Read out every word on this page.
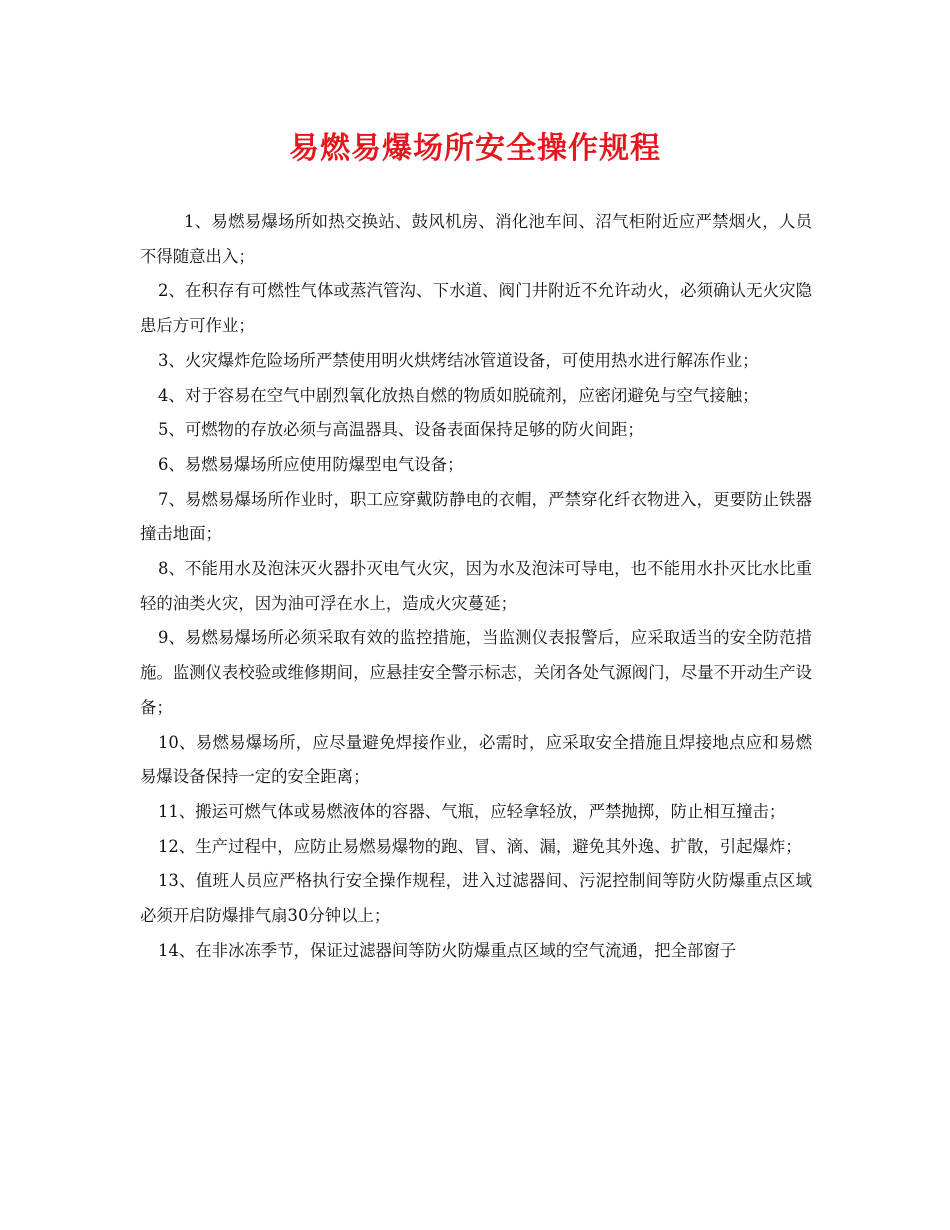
易燃易爆场所安全操作规程

1、易燃易爆场所如热交换站、鼓风机房、消化池车间、沼气柜附近应严禁烟火，人员不得随意出入；

2、在积存有可燃性气体或蒸汽管沟、下水道、阀门井附近不允许动火，必须确认无火灾隐患后方可作业；

3、火灾爆炸危险场所严禁使用明火烘烤结冰管道设备，可使用热水进行解冻作业；

4、对于容易在空气中剧烈氧化放热自燃的物质如脱硫剂，应密闭避免与空气接触；

5、可燃物的存放必须与高温器具、设备表面保持足够的防火间距；

6、易燃易爆场所应使用防爆型电气设备；

7、易燃易爆场所作业时，职工应穿戴防静电的衣帽，严禁穿化纤衣物进入，更要防止铁器撞击地面；

8、不能用水及泡沫灭火器扑灭电气火灾，因为水及泡沫可导电，也不能用水扑灭比水比重轻的油类火灾，因为油可浮在水上，造成火灾蔓延；

9、易燃易爆场所必须采取有效的监控措施，当监测仪表报警后，应采取适当的安全防范措施。监测仪表校验或维修期间，应悬挂安全警示标志，关闭各处气源阀门，尽量不开动生产设备；

10、易燃易爆场所，应尽量避免焊接作业，必需时，应采取安全措施且焊接地点应和易燃易爆设备保持一定的安全距离；

11、搬运可燃气体或易燃液体的容器、气瓶，应轻拿轻放，严禁抛掷，防止相互撞击；

12、生产过程中，应防止易燃易爆物的跑、冒、滴、漏，避免其外逸、扩散，引起爆炸；

13、值班人员应严格执行安全操作规程，进入过滤器间、污泥控制间等防火防爆重点区域必须开启防爆排气扇30分钟以上；

14、在非冰冻季节，保证过滤器间等防火防爆重点区域的空气流通，把全部窗子
